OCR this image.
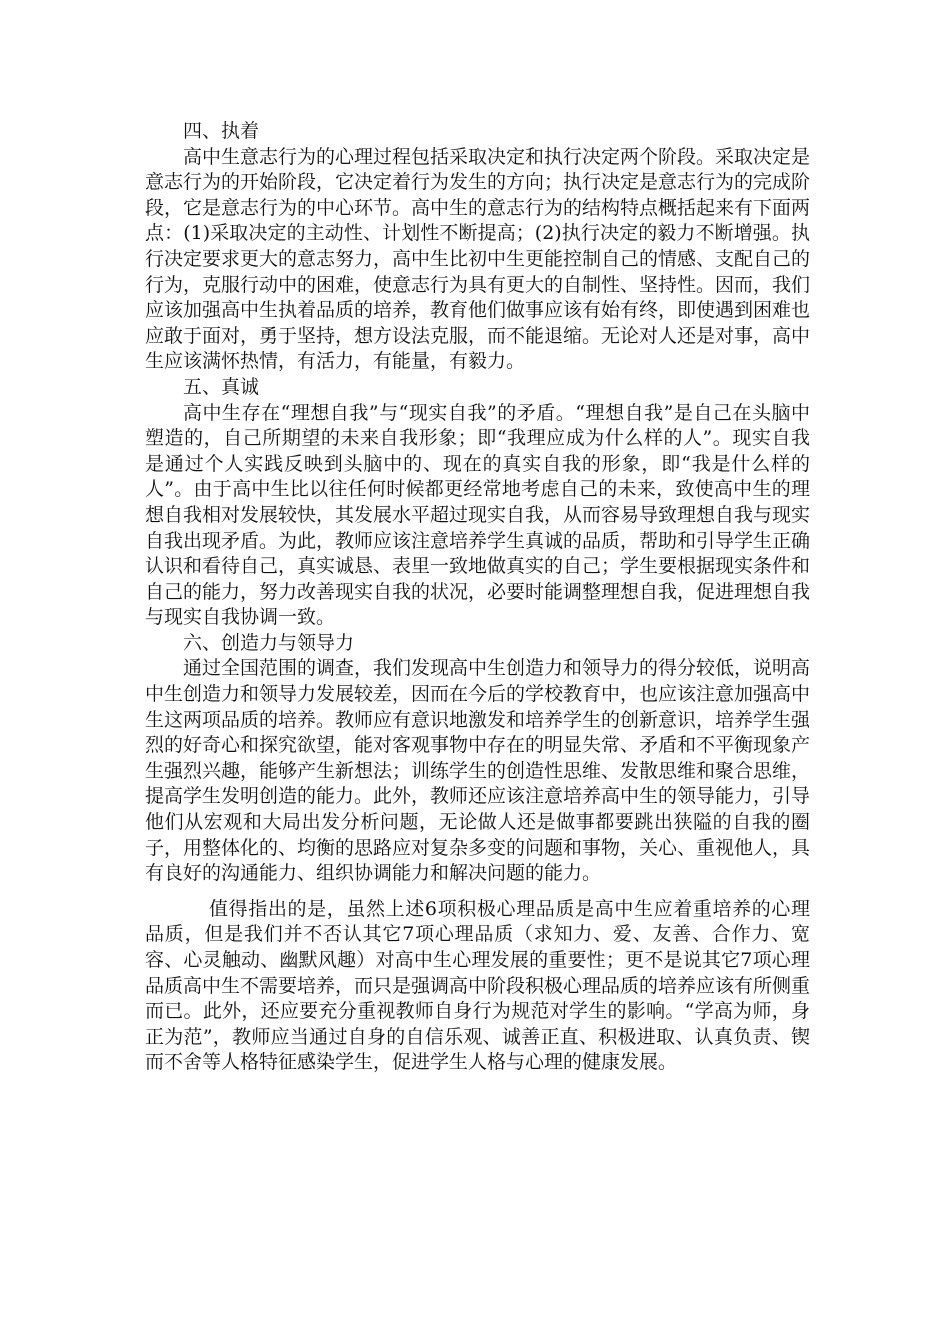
四、执着

高中生意志行为的心理过程包括采取决定和执行决定两个阶段。采取决定是意志行为的开始阶段，它决定着行为发生的方向；执行决定是意志行为的完成阶段，它是意志行为的中心环节。高中生的意志行为的结构特点概括起来有下面两点：(1)采取决定的主动性、计划性不断提高；(2)执行决定的毅力不断增强。执行决定要求更大的意志努力，高中生比初中生更能控制自己的情感、支配自己的行为，克服行动中的困难，使意志行为具有更大的自制性、坚持性。因而，我们应该加强高中生执着品质的培养，教育他们做事应该有始有终，即使遇到困难也应敢于面对，勇于坚持，想方设法克服，而不能退缩。无论对人还是对事，高中生应该满怀热情，有活力，有能量，有毅力。

五、真诚

高中生存在“理想自我”与“现实自我”的矛盾。“理想自我”是自己在头脑中塑造的，自己所期望的未来自我形象；即“我理应成为什么样的人”。现实自我是通过个人实践反映到头脑中的、现在的真实自我的形象，即“我是什么样的人”。由于高中生比以往任何时候都更经常地考虑自己的未来，致使高中生的理想自我相对发展较快，其发展水平超过现实自我，从而容易导致理想自我与现实自我出现矛盾。为此，教师应该注意培养学生真诚的品质，帮助和引导学生正确认识和看待自己，真实诚恳、表里一致地做真实的自己；学生要根据现实条件和自己的能力，努力改善现实自我的状况，必要时能调整理想自我，促进理想自我与现实自我协调一致。

六、创造力与领导力

通过全国范围的调查，我们发现高中生创造力和领导力的得分较低，说明高中生创造力和领导力发展较差，因而在今后的学校教育中，也应该注意加强高中生这两项品质的培养。教师应有意识地激发和培养学生的创新意识，培养学生强烈的好奇心和探究欲望，能对客观事物中存在的明显失常、矛盾和不平衡现象产生强烈兴趣，能够产生新想法；训练学生的创造性思维、发散思维和聚合思维，提高学生发明创造的能力。此外，教师还应该注意培养高中生的领导能力，引导他们从宏观和大局出发分析问题，无论做人还是做事都要跳出狭隘的自我的圈子，用整体化的、均衡的思路应对复杂多变的问题和事物，关心、重视他人，具有良好的沟通能力、组织协调能力和解决问题的能力。

值得指出的是，虽然上述6项积极心理品质是高中生应着重培养的心理品质，但是我们并不否认其它7项心理品质（求知力、爱、友善、合作力、宽容、心灵触动、幽默风趣）对高中生心理发展的重要性；更不是说其它7项心理品质高中生不需要培养，而只是强调高中阶段积极心理品质的培养应该有所侧重而已。此外，还应要充分重视教师自身行为规范对学生的影响。“学高为师，身正为范”，教师应当通过自身的自信乐观、诚善正直、积极进取、认真负责、锲而不舍等人格特征感染学生，促进学生人格与心理的健康发展。
